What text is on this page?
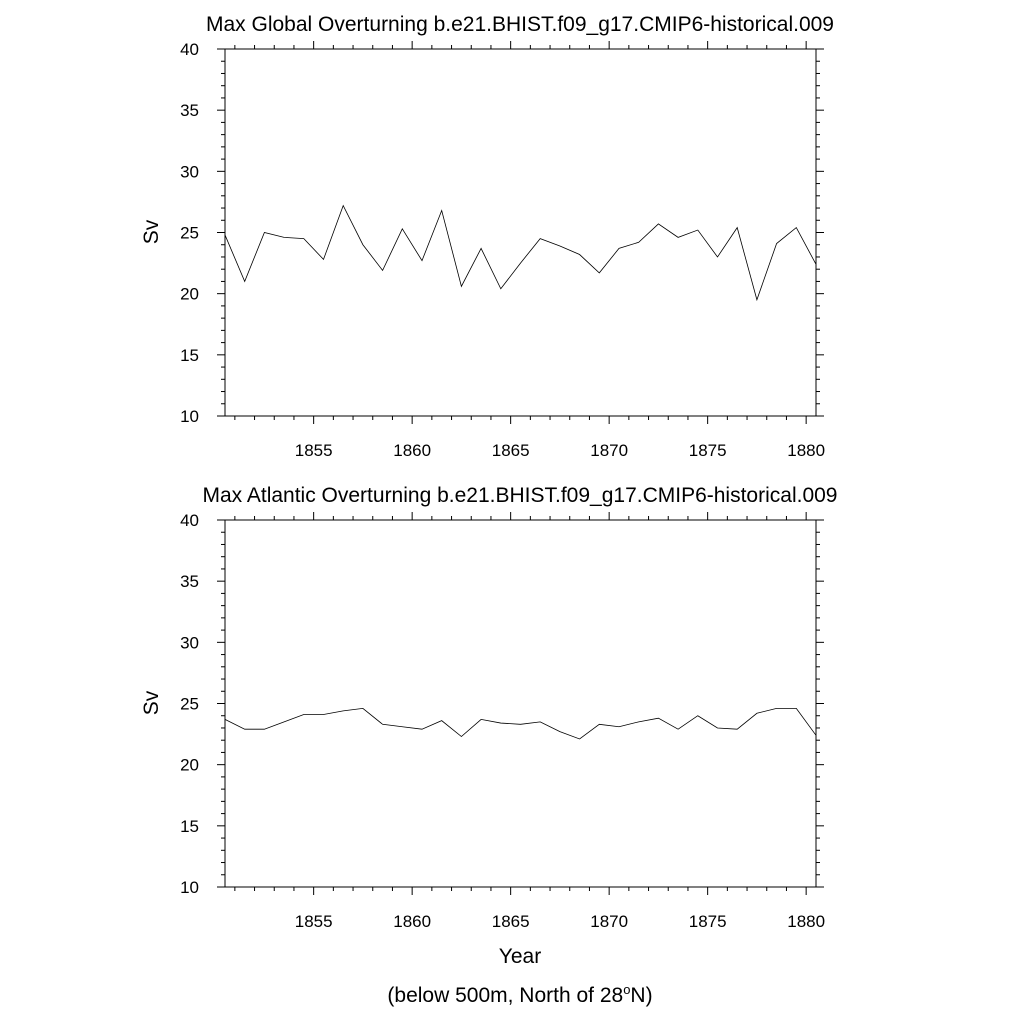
Max Global Overturning b.e21.BHIST.f09_g17.CMIP6-historical.009
10
15
20
25
30
35
40
1855	1860	1865	1870	1875	1880
Sv
Max Atlantic Overturning b.e21.BHIST.f09_g17.CMIP6-historical.009
10
15
20
25
30
35
40
1855	1860	1865	1870	1875	1880
Sv
Year
(below 500m, North of 28$^o$N)
